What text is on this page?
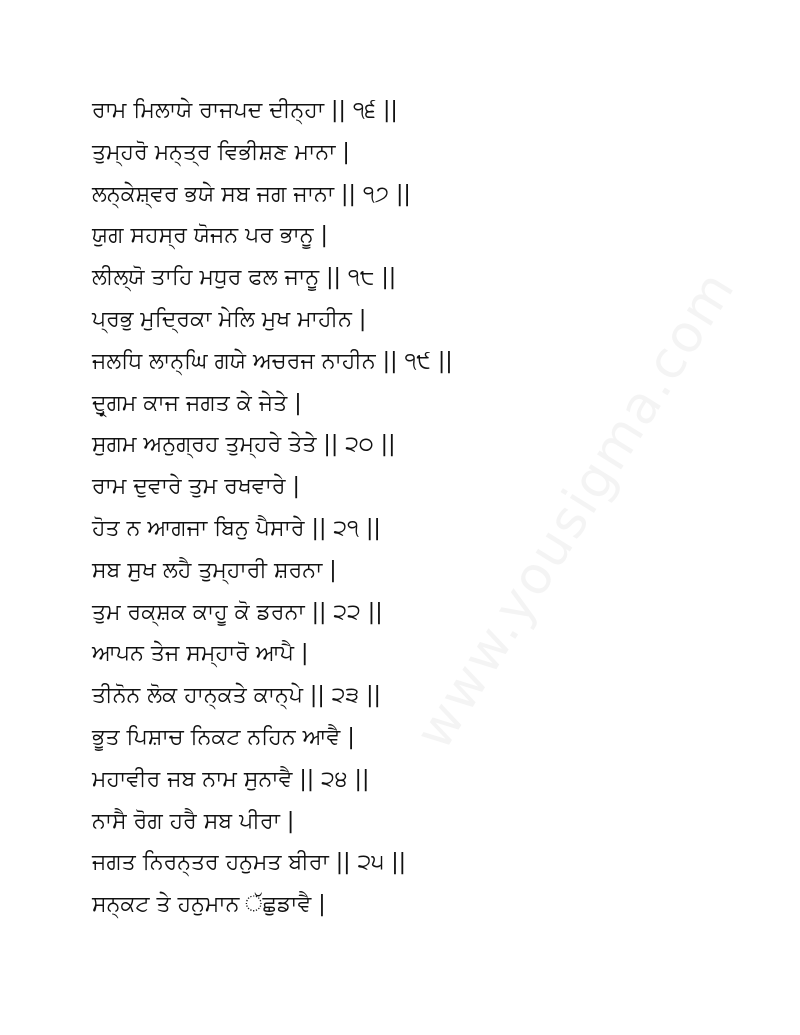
ਰਾਮ ਮਿਲਾਯੇ ਰਾਜਪਦ ਦੀਨ੍ਹਾ || ੧੬ ||
ਤੁਮ੍ਹਰੋ ਮਨ੍ਤ੍ਰ ਵਿਭੀਸ਼ਣ ਮਾਨਾ |
ਲਨ੍ਕੇਸ਼੍ਵਰ ਭਯੇ ਸਬ ਜਗ ਜਾਨਾ || ੧੭ ||
ਯੁਗ ਸਹਸ੍ਰ ਯੋਜਨ ਪਰ ਭਾਨੂ |
ਲੀਲ੍ਯੋ ਤਾਹਿ ਮਧੁਰ ਫਲ ਜਾਨੂ || ੧੮ ||
ਪ੍ਰਭੁ ਮੁਦ੍ਰਿਕਾ ਮੇਲਿ ਮੁਖ ਮਾਹੀਨ |
ਜਲਧਿ ਲਾਨ੍ਘਿ ਗਯੇ ਅਚਰਜ ਨਾਹੀਨ || ੧੯ ||
ਦੁਰ੍ਗਮ ਕਾਜ ਜਗਤ ਕੇ ਜੇਤੇ |
ਸੁਗਮ ਅਨੁਗ੍ਰਹ ਤੁਮ੍ਹਰੇ ਤੇਤੇ || ੨੦ ||
ਰਾਮ ਦੁਵਾਰੇ ਤੁਮ ਰਖਵਾਰੇ |
ਹੋਤ ਨ ਆਗਜਾ ਬਿਨੁ ਪੈਸਾਰੇ || ੨੧ ||
ਸਬ ਸੁਖ ਲਹੈ ਤੁਮ੍ਹਾਰੀ ਸ਼ਰਨਾ |
ਤੁਮ ਰਕ੍ਸ਼ਕ ਕਾਹੂ ਕੋ ਡਰਨਾ || ੨੨ ||
ਆਪਨ ਤੇਜ ਸਮ੍ਹਾਰੋ ਆਪੈ |
ਤੀਨੋਨ ਲੋਕ ਹਾਨ੍ਕਤੇ ਕਾਨ੍ਪੇ || ੨੩ ||
ਭੂਤ ਪਿਸ਼ਾਚ ਨਿਕਟ ਨਹਿਨ ਆਵੈ |
ਮਹਾਵੀਰ ਜਬ ਨਾਮ ਸੁਨਾਵੈ || ੨੪ ||
ਨਾਸੈ ਰੋਗ ਹਰੈ ਸਬ ਪੀਰਾ |
ਜਗਤ ਨਿਰਨ੍ਤਰ ਹਨੁਮਤ ਬੀਰਾ || ੨੫ ||
ਸਨ੍ਕਟ ਤੇ ਹਨੁਮਾਨ ੱਛੁਡਾਵੈ |
